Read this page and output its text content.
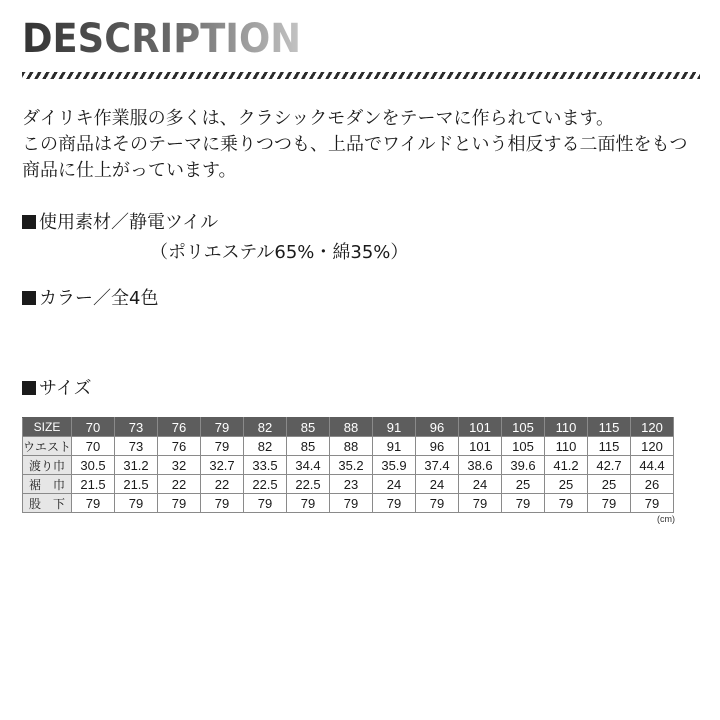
DESCRIPTION
ダイリキ作業服の多くは、クラシックモダンをテーマに作られています。
この商品はそのテーマに乗りつつも、上品でワイルドという相反する二面性をもつ
商品に仕上がっています。
使用素材／静電ツイル
（ポリエステル65%・綿35%）
カラー／全4色
サイズ
SIZE	70	73	76	79	82	85	88	91	96	101	105	110	115	120
ウエスト	70	73	76	79	82	85	88	91	96	101	105	110	115	120
渡り巾	30.5	31.2	32	32.7	33.5	34.4	35.2	35.9	37.4	38.6	39.6	41.2	42.7	44.4
裾　巾	21.5	21.5	22	22	22.5	22.5	23	24	24	24	25	25	25	26
股　下	79	79	79	79	79	79	79	79	79	79	79	79	79	79
(cm)
